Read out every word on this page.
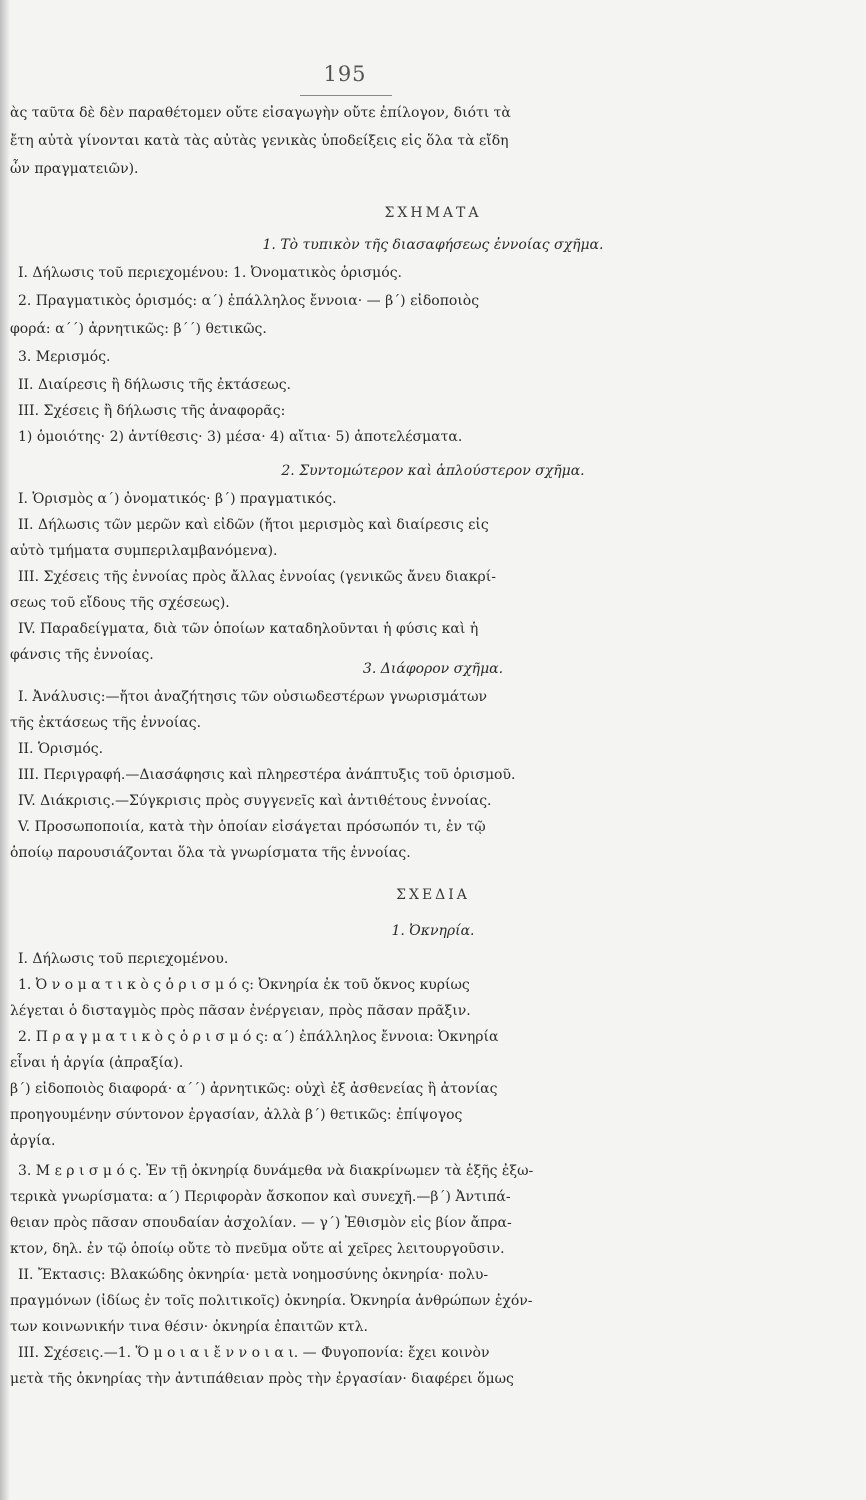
195
ὰς ταῦτα δὲ δὲν παραθέτομεν οὔτε εἰσαγωγὴν οὔτε ἐπίλογον, διότι τὰ
ἔτη αὐτὰ γίνονται κατὰ τὰς αὐτὰς γενικὰς ὑποδείξεις εἰς ὅλα τὰ εἴδη
ὧν πραγματειῶν).
ΣΧΗΜΑΤΑ
1. Τὸ τυπικὸν τῆς διασαφήσεως ἐννοίας σχῆμα.
I. Δήλωσις τοῦ περιεχομένου: 1. Ὀνοματικὸς ὁρισμός.
2. Πραγματικὸς ὁρισμός: α´) ἐπάλληλος ἔννοια· — β´) εἰδοποιὸς
φορά: α´´) ἀρνητικῶς: β´´) θετικῶς.
3. Μερισμός.
II. Διαίρεσις ἢ δήλωσις τῆς ἐκτάσεως.
III. Σχέσεις ἢ δήλωσις τῆς ἀναφορᾶς:
1) ὁμοιότης· 2) ἀντίθεσις· 3) μέσα· 4) αἴτια· 5) ἀποτελέσματα.
2. Συντομώτερον καὶ ἁπλούστερον σχῆμα.
I. Ὁρισμὸς α´) ὀνοματικός· β´) πραγματικός.
II. Δήλωσις τῶν μερῶν καὶ εἰδῶν (ἤτοι μερισμὸς καὶ διαίρεσις εἰς
αὐτὸ τμήματα συμπεριλαμβανόμενα).
III. Σχέσεις τῆς ἐννοίας πρὸς ἄλλας ἐννοίας (γενικῶς ἄνευ διακρί-
σεως τοῦ εἴδους τῆς σχέσεως).
IV. Παραδείγματα, διὰ τῶν ὁποίων καταδηλοῦνται ἡ φύσις καὶ ἡ
φάνσις τῆς ἐννοίας.
3. Διάφορον σχῆμα.
I. Ἀνάλυσις:—ἤτοι ἀναζήτησις τῶν οὐσιωδεστέρων γνωρισμάτων
τῆς ἐκτάσεως τῆς ἐννοίας.
II. Ὁρισμός.
III. Περιγραφή.—Διασάφησις καὶ πληρεστέρα ἀνάπτυξις τοῦ ὁρισμοῦ.
IV. Διάκρισις.—Σύγκρισις πρὸς συγγενεῖς καὶ ἀντιθέτους ἐννοίας.
V. Προσωποποιία, κατὰ τὴν ὁποίαν εἰσάγεται πρόσωπόν τι, ἐν τῷ
ὁποίῳ παρουσιάζονται ὅλα τὰ γνωρίσματα τῆς ἐννοίας.
ΣΧΕΔΙΑ
1. Ὀκνηρία.
I. Δήλωσις τοῦ περιεχομένου.
1. Ὀ ν ο μ α τ ι κ ὸ ς ὁ ρ ι σ μ ό ς: Ὀκνηρία ἐκ τοῦ ὄκνος κυρίως
λέγεται ὁ δισταγμὸς πρὸς πᾶσαν ἐνέργειαν, πρὸς πᾶσαν πρᾶξιν.
2. Π ρ α γ μ α τ ι κ ὸ ς ὁ ρ ι σ μ ό ς: α´) ἐπάλληλος ἔννοια: Ὀκνηρία
εἶναι ἡ ἀργία (ἀπραξία).
β´) εἰδοποιὸς διαφορά· α´´) ἀρνητικῶς: οὐχὶ ἐξ ἀσθενείας ἢ ἀτονίας
προηγουμένην σύντονον ἐργασίαν, ἀλλὰ β´) θετικῶς: ἐπίψογος
ἀργία.
3. Μ ε ρ ι σ μ ό ς. Ἐν τῇ ὀκνηρίᾳ δυνάμεθα νὰ διακρίνωμεν τὰ ἑξῆς ἐξω-
τερικὰ γνωρίσματα: α´) Περιφορὰν ἄσκοπον καὶ συνεχῆ.—β´) Ἀντιπά-
θειαν πρὸς πᾶσαν σπουδαίαν ἀσχολίαν. — γ´) Ἐθισμὸν εἰς βίον ἄπρα-
κτον, δηλ. ἐν τῷ ὁποίῳ οὔτε τὸ πνεῦμα οὔτε αἱ χεῖρες λειτουργοῦσιν.
II. Ἔκτασις: Βλακώδης ὀκνηρία· μετὰ νοημοσύνης ὀκνηρία· πολυ-
πραγμόνων (ἰδίως ἐν τοῖς πολιτικοῖς) ὀκνηρία. Ὀκνηρία ἀνθρώπων ἐχόν-
των κοινωνικήν τινα θέσιν· ὀκνηρία ἐπαιτῶν κτλ.
III. Σχέσεις.—1. Ὅ μ ο ι α ι ἔ ν ν ο ι α ι. — Φυγοπονία: ἔχει κοινὸν
μετὰ τῆς ὀκνηρίας τὴν ἀντιπάθειαν πρὸς τὴν ἐργασίαν· διαφέρει ὅμως
